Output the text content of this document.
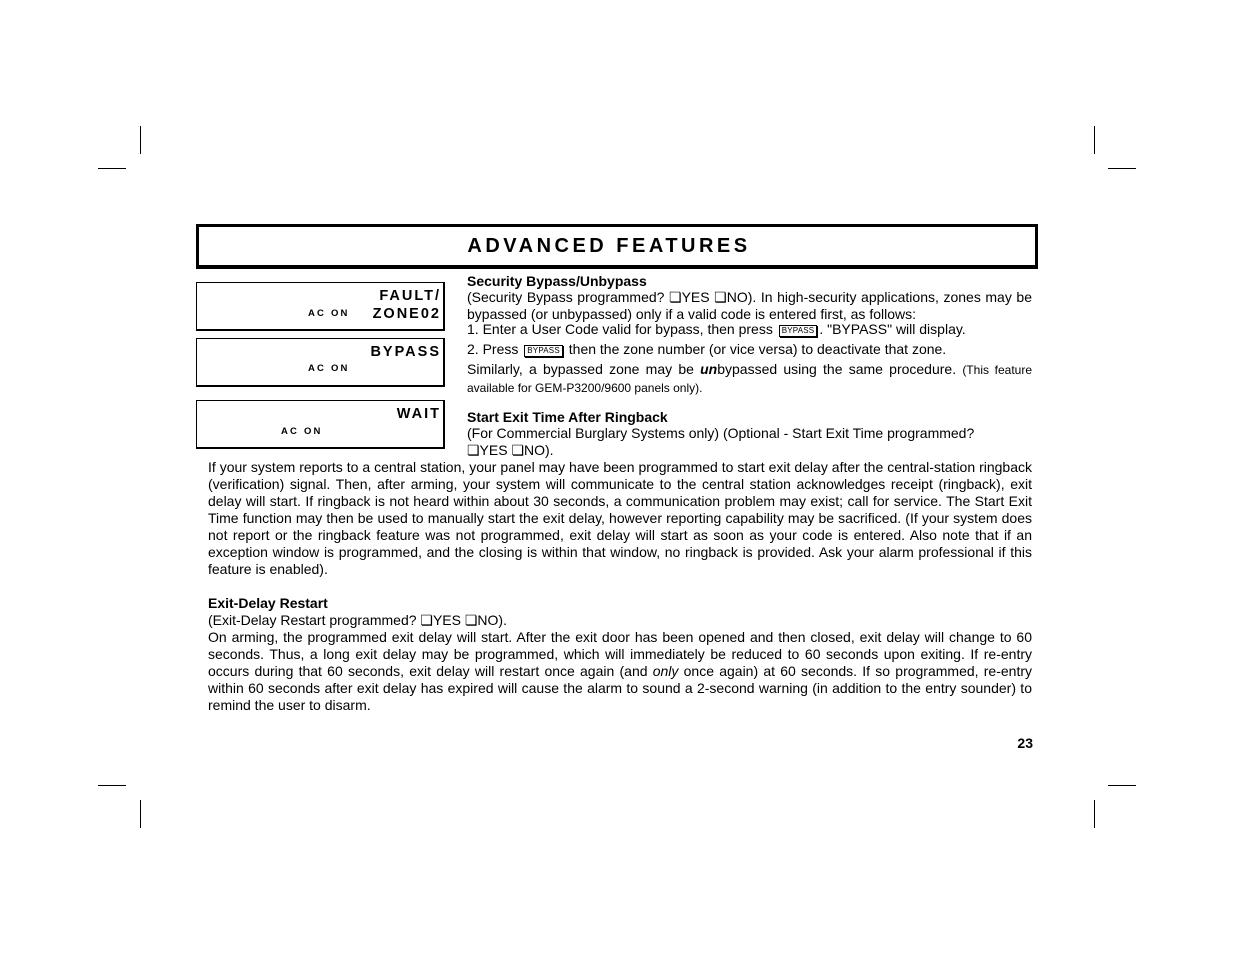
ADVANCED FEATURES
FAULT/
ZONE02
AC ON
BYPASS
AC ON
WAIT
AC ON
Security Bypass/Unbypass
(Security Bypass programmed? ❏YES ❏NO). In high-security applications, zones may be bypassed (or unbypassed) only if a valid code is entered first, as follows:
1. Enter a User Code valid for bypass, then press BYPASS . "BYPASS" will display.
2. Press BYPASS then the zone number (or vice versa) to deactivate that zone.
Similarly, a bypassed zone may be unbypassed using the same procedure. (This feature available for GEM-P3200/9600 panels only).
Start Exit Time After Ringback
(For Commercial Burglary Systems only) (Optional - Start Exit Time programmed?
❏YES ❏NO).
If your system reports to a central station, your panel may have been programmed to start exit delay after the central-station ringback (verification) signal. Then, after arming, your system will communicate to the central station acknowledges receipt (ringback), exit delay will start. If ringback is not heard within about 30 seconds, a communication problem may exist; call for service. The Start Exit Time function may then be used to manually start the exit delay, however reporting capability may be sacrificed. (If your system does not report or the ringback feature was not programmed, exit delay will start as soon as your code is entered. Also note that if an exception window is programmed, and the closing is within that window, no ringback is provided. Ask your alarm professional if this feature is enabled).
Exit-Delay Restart
(Exit-Delay Restart programmed? ❏YES ❏NO).
On arming, the programmed exit delay will start. After the exit door has been opened and then closed, exit delay will change to 60 seconds. Thus, a long exit delay may be programmed, which will immediately be reduced to 60 seconds upon exiting. If re-entry occurs during that 60 seconds, exit delay will restart once again (and only once again) at 60 seconds. If so programmed, re-entry within 60 seconds after exit delay has expired will cause the alarm to sound a 2-second warning (in addition to the entry sounder) to remind the user to disarm.
23
